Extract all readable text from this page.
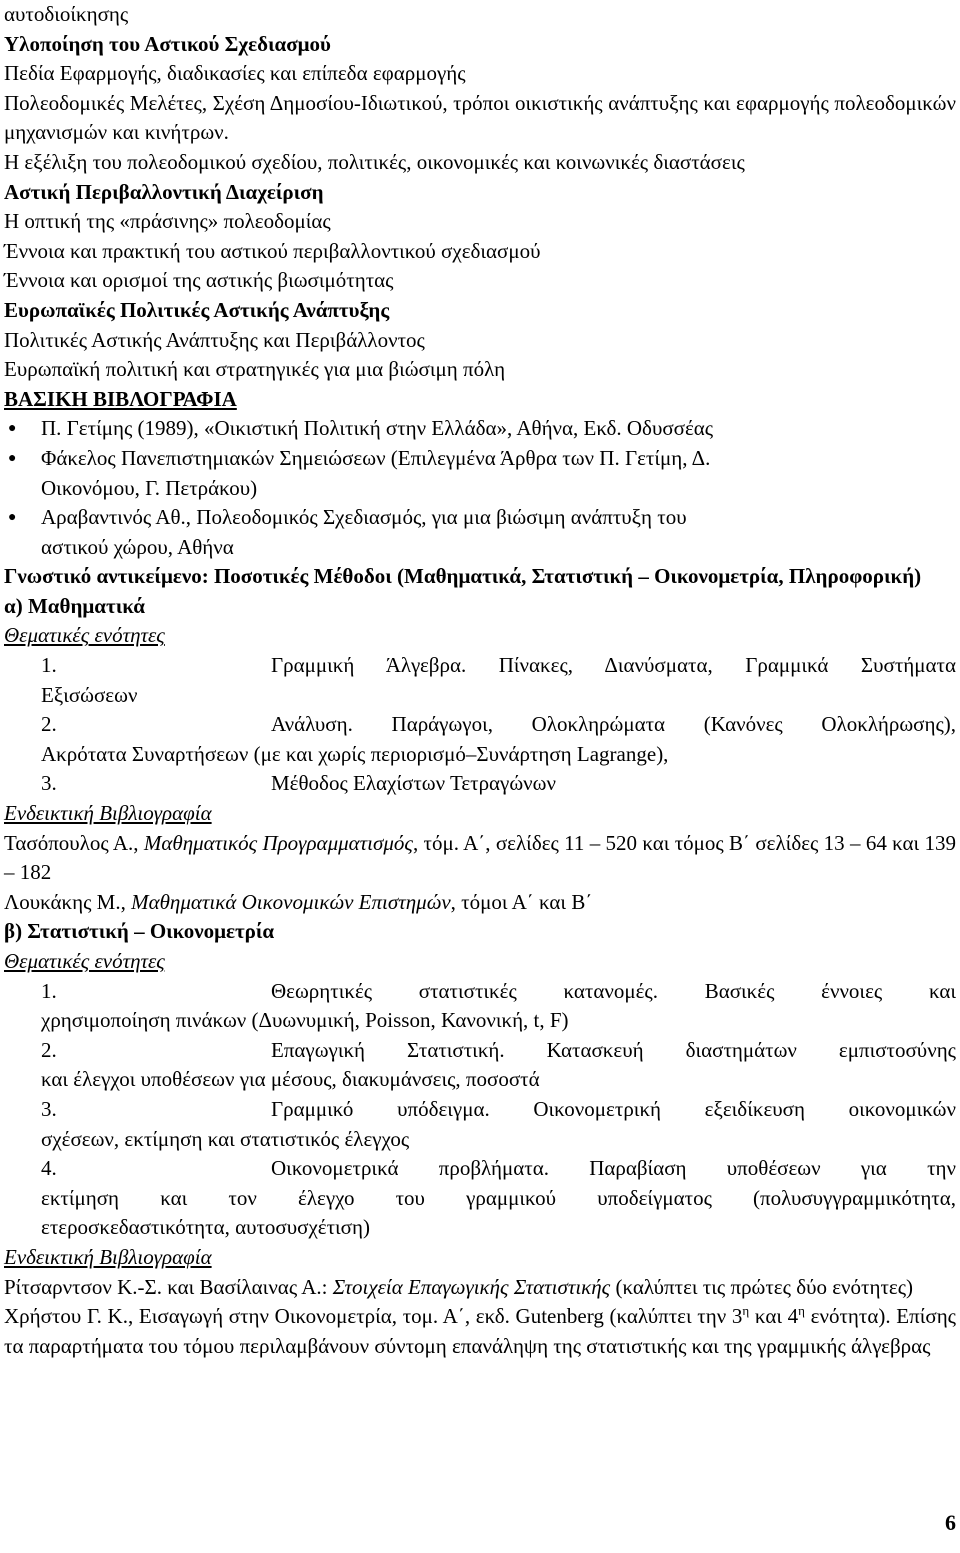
αυτοδιοίκησης
Υλοποίηση του Αστικού Σχεδιασμού
Πεδία Εφαρμογής, διαδικασίες και επίπεδα εφαρμογής
Πολεοδομικές Μελέτες, Σχέση Δημοσίου-Ιδιωτικού, τρόποι οικιστικής ανάπτυξης και εφαρμογής πολεοδομικών μηχανισμών και κινήτρων.
Η εξέλιξη του πολεοδομικού σχεδίου, πολιτικές, οικονομικές και κοινωνικές διαστάσεις
Αστική Περιβαλλοντική Διαχείριση
Η οπτική της «πράσινης» πολεοδομίας
Έννοια και πρακτική του αστικού περιβαλλοντικού σχεδιασμού
Έννοια και ορισμοί της αστικής βιωσιμότητας
Ευρωπαϊκές Πολιτικές Αστικής Ανάπτυξης
Πολιτικές Αστικής Ανάπτυξης και Περιβάλλοντος
Ευρωπαϊκή πολιτική και στρατηγικές για μια βιώσιμη πόλη
ΒΑΣΙΚΗ ΒΙΒΛΟΓΡΑΦΙΑ
● Π. Γετίμης (1989), «Οικιστική Πολιτική στην Ελλάδα», Αθήνα, Εκδ. Οδυσσέας
● Φάκελος Πανεπιστημιακών Σημειώσεων (Επιλεγμένα Άρθρα των Π. Γετίμη, Δ.
Οικονόμου, Γ. Πετράκου)
● Αραβαντινός Αθ., Πολεοδομικός Σχεδιασμός, για μια βιώσιμη ανάπτυξη του
αστικού χώρου, Αθήνα
Γνωστικό αντικείμενο: Ποσοτικές Μέθοδοι (Μαθηματικά, Στατιστική – Οικονομετρία, Πληροφορική)
α) Μαθηματικά
Θεματικές ενότητες
1.	Γραμμική Άλγεβρα. Πίνακες, Διανύσματα, Γραμμικά Συστήματα
Εξισώσεων
2.	Ανάλυση. Παράγωγοι, Ολοκληρώματα (Κανόνες Ολοκλήρωσης),
Ακρότατα Συναρτήσεων (με και χωρίς περιορισμό–Συνάρτηση Lagrange),
3.	Μέθοδος Ελαχίστων Τετραγώνων
Ενδεικτική Βιβλιογραφία
Τασόπουλος Α., Μαθηματικός Προγραμματισμός, τόμ. Α΄, σελίδες 11 – 520 και τόμος Β΄ σελίδες 13 – 64 και 139 – 182
Λουκάκης Μ., Μαθηματικά Οικονομικών Επιστημών, τόμοι Α΄ και Β΄
β) Στατιστική – Οικονομετρία
Θεματικές ενότητες
1.	Θεωρητικές στατιστικές κατανομές. Βασικές έννοιες και
χρησιμοποίηση πινάκων (Δυωνυμική, Poisson, Κανονική, t, F)
2.	Επαγωγική Στατιστική. Κατασκευή διαστημάτων εμπιστοσύνης
και έλεγχοι υποθέσεων για μέσους, διακυμάνσεις, ποσοστά
3.	Γραμμικό υπόδειγμα. Οικονομετρική εξειδίκευση οικονομικών
σχέσεων, εκτίμηση και στατιστικός έλεγχος
4.	Οικονομετρικά προβλήματα. Παραβίαση υποθέσεων για την
εκτίμηση και τον έλεγχο του γραμμικού υποδείγματος (πολυσυγγραμμικότητα,
ετεροσκεδαστικότητα, αυτοσυσχέτιση)
Ενδεικτική Βιβλιογραφία
Ρίτσαρντσον Κ.-Σ. και Βασίλαινας Α.: Στοιχεία Επαγωγικής Στατιστικής (καλύπτει τις πρώτες δύο ενότητες)
Χρήστου Γ. Κ., Εισαγωγή στην Οικονομετρία, τομ. Α΄, εκδ. Gutenberg (καλύπτει την $3^\eta$ και $4^\eta$ ενότητα). Επίσης τα παραρτήματα του τόμου περιλαμβάνουν σύντομη επανάληψη της στατιστικής και της γραμμικής άλγεβρας
6
